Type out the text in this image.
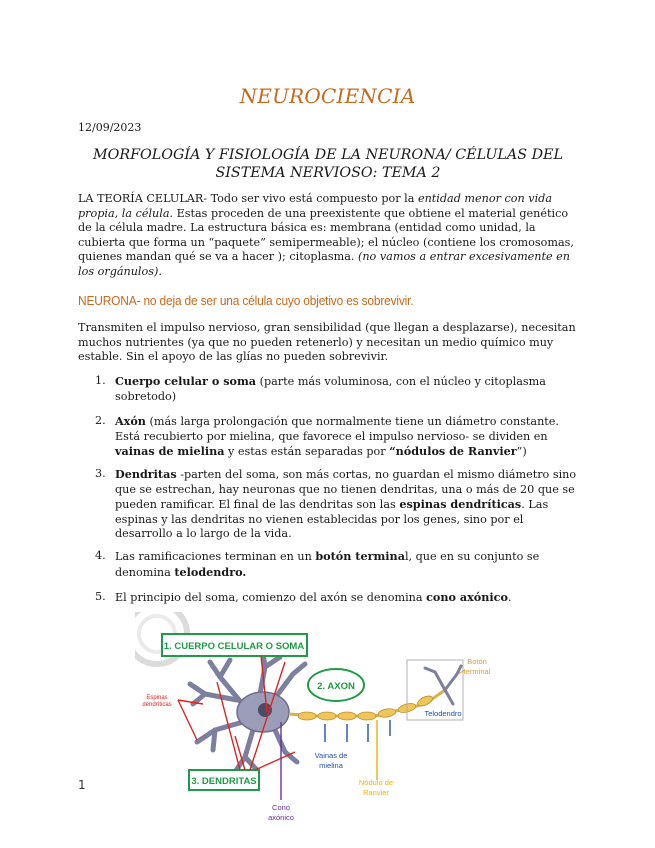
NEUROCIENCIA
12/09/2023
MORFOLOGÍA Y FISIOLOGÍA DE LA NEURONA/ CÉLULAS DEL SISTEMA NERVIOSO: TEMA 2
LA TEORÍA CELULAR- Todo ser vivo está compuesto por la entidad menor con vida propia, la célula. Estas proceden de una preexistente que obtiene el material genético de la célula madre. La estructura básica es: membrana (entidad como unidad, la cubierta que forma un “paquete” semipermeable); el núcleo (contiene los cromosomas, quienes mandan qué se va a hacer ); citoplasma. (no vamos a entrar excesivamente en los orgánulos).
NEURONA- no deja de ser una célula cuyo objetivo es sobrevivir.
Transmiten el impulso nervioso, gran sensibilidad (que llegan a desplazarse), necesitan muchos nutrientes (ya que no pueden retenerlo) y necesitan un medio químico muy estable. Sin el apoyo de las glías no pueden sobrevivir.
1. Cuerpo celular o soma (parte más voluminosa, con el núcleo y citoplasma sobretodo)
2. Axón (más larga prolongación que normalmente tiene un diámetro constante. Está recubierto por mielina, que favorece el impulso nervioso- se dividen en vainas de mielina y estas están separadas por “nódulos de Ranvier”)
3. Dendritas -parten del soma, son más cortas, no guardan el mismo diámetro sino que se estrechan, hay neuronas que no tienen dendritas, una o más de 20 que se pueden ramificar. El final de las dendritas son las espinas dendríticas. Las espinas y las dendritas no vienen establecidas por los genes, sino por el desarrollo a lo largo de la vida.
4. Las ramificaciones terminan en un botón terminal, que en su conjunto se denomina telodendro.
5. El principio del soma, comienzo del axón se denomina cono axónico.
1. CUERPO CELULAR O SOMA
2. AXON
3. DENDRITAS
Espinas
dendríticas
Botón
terminal
Telodendro
Vainas de
mielina
Nódulo de
Ranvier
Cono
axónico
1
